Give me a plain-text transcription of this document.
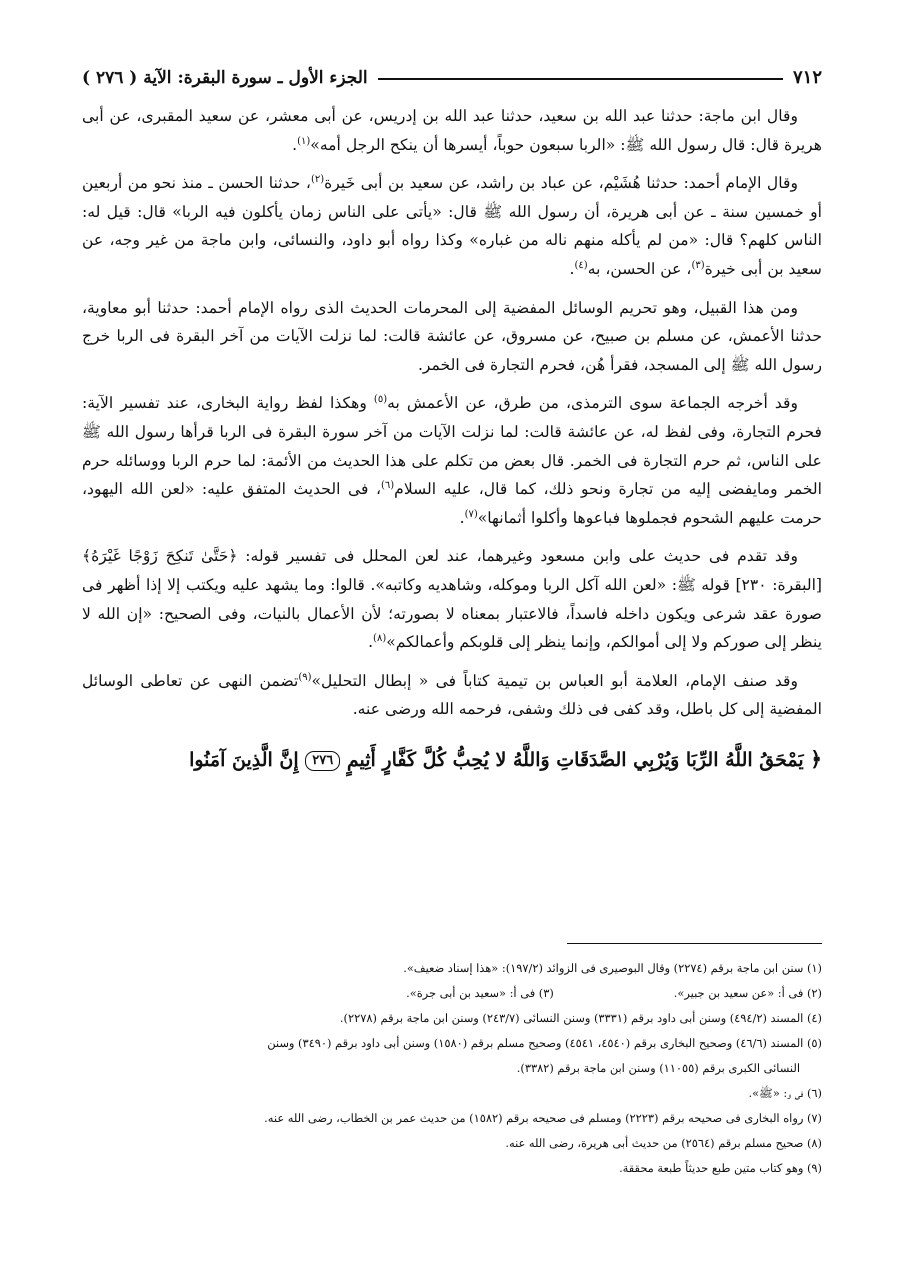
٧١٢
الجزء الأول ـ سورة البقرة: الآية ( ٢٧٦ )

وقال ابن ماجة: حدثنا عبد الله بن سعيد، حدثنا عبد الله بن إدريس، عن أبى معشر، عن سعيد المقبرى، عن أبى هريرة قال: قال رسول الله ﷺ: «الربا سبعون حوباً، أيسرها أن ينكح الرجل أمه»$^{(١)}$.

وقال الإمام أحمد: حدثنا هُشَيْم، عن عباد بن راشد، عن سعيد بن أبى خَيرة$^{(٢)}$، حدثنا الحسن ـ منذ نحو من أربعين أو خمسين سنة ـ عن أبى هريرة، أن رسول الله ﷺ قال: «يأتى على الناس زمان يأكلون فيه الربا» قال: قيل له: الناس كلهم؟ قال: «من لم يأكله منهم ناله من غباره» وكذا رواه أبو داود، والنسائى، وابن ماجة من غير وجه، عن سعيد بن أبى خيرة$^{(٣)}$، عن الحسن، به$^{(٤)}$.

ومن هذا القبيل، وهو تحريم الوسائل المفضية إلى المحرمات الحديث الذى رواه الإمام أحمد: حدثنا أبو معاوية، حدثنا الأعمش، عن مسلم بن صبيح، عن مسروق، عن عائشة قالت: لما نزلت الآيات من آخر البقرة فى الربا خرج رسول الله ﷺ إلى المسجد، فقرأ هُن، فحرم التجارة فى الخمر.

وقد أخرجه الجماعة سوى الترمذى، من طرق، عن الأعمش به$^{(٥)}$ وهكذا لفظ رواية البخارى، عند تفسير الآية: فحرم التجارة، وفى لفظ له، عن عائشة قالت: لما نزلت الآيات من آخر سورة البقرة فى الربا قرأها رسول الله ﷺ على الناس، ثم حرم التجارة فى الخمر. قال بعض من تكلم على هذا الحديث من الأئمة: لما حرم الربا ووسائله حرم الخمر ومايفضى إليه من تجارة ونحو ذلك، كما قال، عليه السلام$^{(٦)}$، فى الحديث المتفق عليه: «لعن الله اليهود، حرمت عليهم الشحوم فجملوها فباعوها وأكلوا أثمانها»$^{(٧)}$.

وقد تقدم فى حديث على وابن مسعود وغيرهما، عند لعن المحلل فى تفسير قوله: ﴿حَتَّىٰ تَنكِحَ زَوْجًا غَيْرَهُ﴾ [البقرة: ٢٣٠] قوله ﷺ: «لعن الله آكل الربا وموكله، وشاهديه وكاتبه». قالوا: وما يشهد عليه ويكتب إلا إذا أظهر فى صورة عقد شرعى ويكون داخله فاسداً، فالاعتبار بمعناه لا بصورته؛ لأن الأعمال بالنيات، وفى الصحيح: «إن الله لا ينظر إلى صوركم ولا إلى أموالكم، وإنما ينظر إلى قلوبكم وأعمالكم»$^{(٨)}$.

وقد صنف الإمام، العلامة أبو العباس بن تيمية كتاباً فى « إبطال التحليل»$^{(٩)}$تضمن النهى عن تعاطى الوسائل المفضية إلى كل باطل، وقد كفى فى ذلك وشفى، فرحمه الله ورضى عنه.

﴿ يَمْحَقُ اللَّهُ الرِّبَا وَيُرْبِي الصَّدَقَاتِ وَاللَّهُ لا يُحِبُّ كُلَّ كَفَّارٍ أَثِيمٍ ٢٧٦ إِنَّ الَّذِينَ آمَنُوا

(١) سنن ابن ماجة برقم (٢٢٧٤) وقال البوصيرى فى الزوائد (١٩٧/٢): «هذا إسناد ضعيف».

(٢) فى أ: «عن سعيد بن جبير».(٣) فى أ: «سعيد بن أبى جرة».

(٤) المسند (٤٩٤/٢) وسنن أبى داود برقم (٣٣٣١) وسنن النسائى (٢٤٣/٧) وسنن ابن ماجة برقم (٢٢٧٨).

(٥) المسند (٤٦/٦) وصحيح البخارى برقم (٤٥٤٠، ٤٥٤١) وصحيح مسلم برقم (١٥٨٠) وسنن أبى داود برقم (٣٤٩٠) وسنن

النسائى الكبرى برقم (١١٠٥٥) وسنن ابن ماجة برقم (٣٣٨٢).

(٦) فى و: «ﷺ».

(٧) رواه البخارى فى صحيحه برقم (٢٢٢٣) ومسلم فى صحيحه برقم (١٥٨٢) من حديث عمر بن الخطاب، رضى الله عنه.

(٨) صحيح مسلم برقم (٢٥٦٤) من حديث أبى هريرة، رضى الله عنه.

(٩) وهو كتاب متين طبع حديثاً طبعة محققة.
